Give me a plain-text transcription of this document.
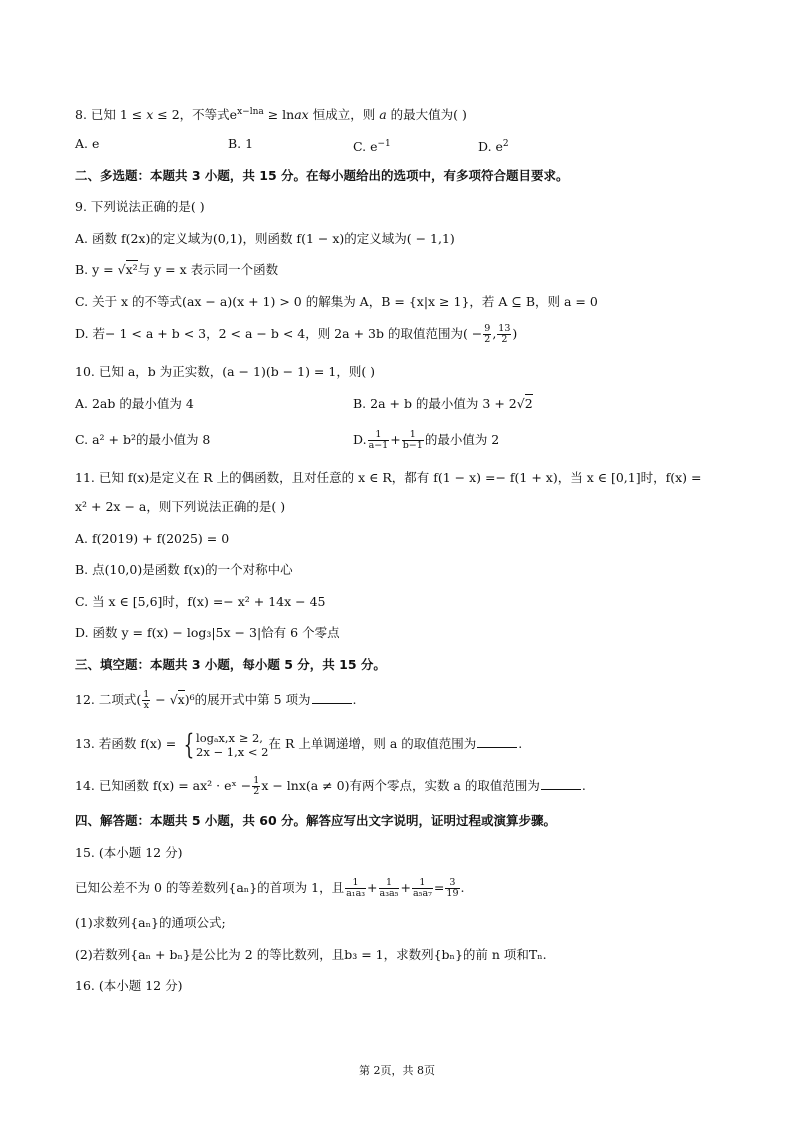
8. 已知 1 ≤ x ≤ 2，不等式$e^{x-lna}$ ≥ lnax 恒成立，则 a 的最大值为( )
A. e	B. 1	C. $e^{-1}$	D. $e^2$
二、多选题：本题共 3 小题，共 15 分。在每小题给出的选项中，有多项符合题目要求。
9. 下列说法正确的是( )
A. 函数 f(2x)的定义域为(0,1)，则函数 f(1 − x)的定义域为( − 1,1)
B. y = √x²与 y = x 表示同一个函数
C. 关于 x 的不等式(ax − a)(x + 1) > 0 的解集为 A，B = {x|x ≥ 1}，若 A ⊆ B，则 a = 0
D. 若− 1 < a + b < 3，2 < a − b < 4，则 2a + 3b 的取值范围为( − $\frac{9}{2}$ , $\frac{13}{2}$ )
10. 已知 a，b 为正实数，(a − 1)(b − 1) = 1，则( )
A. 2ab 的最小值为 4	B. 2a + b 的最小值为 3 + 2√2
C. a² + b²的最小值为 8	D. $\frac{1}{a-1} + \frac{1}{b-1}$ 的最小值为 2
11. 已知 f(x)是定义在 R 上的偶函数，且对任意的 x ∈ R，都有 f(1 − x) =− f(1 + x)，当 x ∈ [0,1]时，f(x) =
x² + 2x − a，则下列说法正确的是( )
A. f(2019) + f(2025) = 0
B. 点(10,0)是函数 f(x)的一个对称中心
C. 当 x ∈ [5,6]时，f(x) =− x² + 14x − 45
D. 函数 y = f(x) − log₃|5x − 3|恰有 6 个零点
三、填空题：本题共 3 小题，每小题 5 分，共 15 分。
12. 二项式( $\frac{1}{x} - √x)^6$的展开式中第 5 项为	.
13. 若函数 f(x) = { logₐx,x ≥ 2,
2x − 1,x < 2
在 R 上单调递增，则 a 的取值范围为	.
14. 已知函数 f(x) = ax² · eˣ − $\frac{1}{2}$ x − lnx(a ≠ 0)有两个零点，实数 a 的取值范围为	.
四、解答题：本题共 5 小题，共 60 分。解答应写出文字说明，证明过程或演算步骤。
15. (本小题 12 分)
已知公差不为 0 的等差数列{aₙ}的首项为 1，且 $\frac{1}{\text{a₁a₃}} + \frac{1}{\text{a₃a₅}} + \frac{1}{\text{a₅a₇}} = \frac{3}{19}$ .
(1)求数列{aₙ}的通项公式;
(2)若数列{aₙ + bₙ}是公比为 2 的等比数列，且b₃ = 1，求数列{bₙ}的前 n 项和Tₙ.
16. (本小题 12 分)
第 2页，共 8页
